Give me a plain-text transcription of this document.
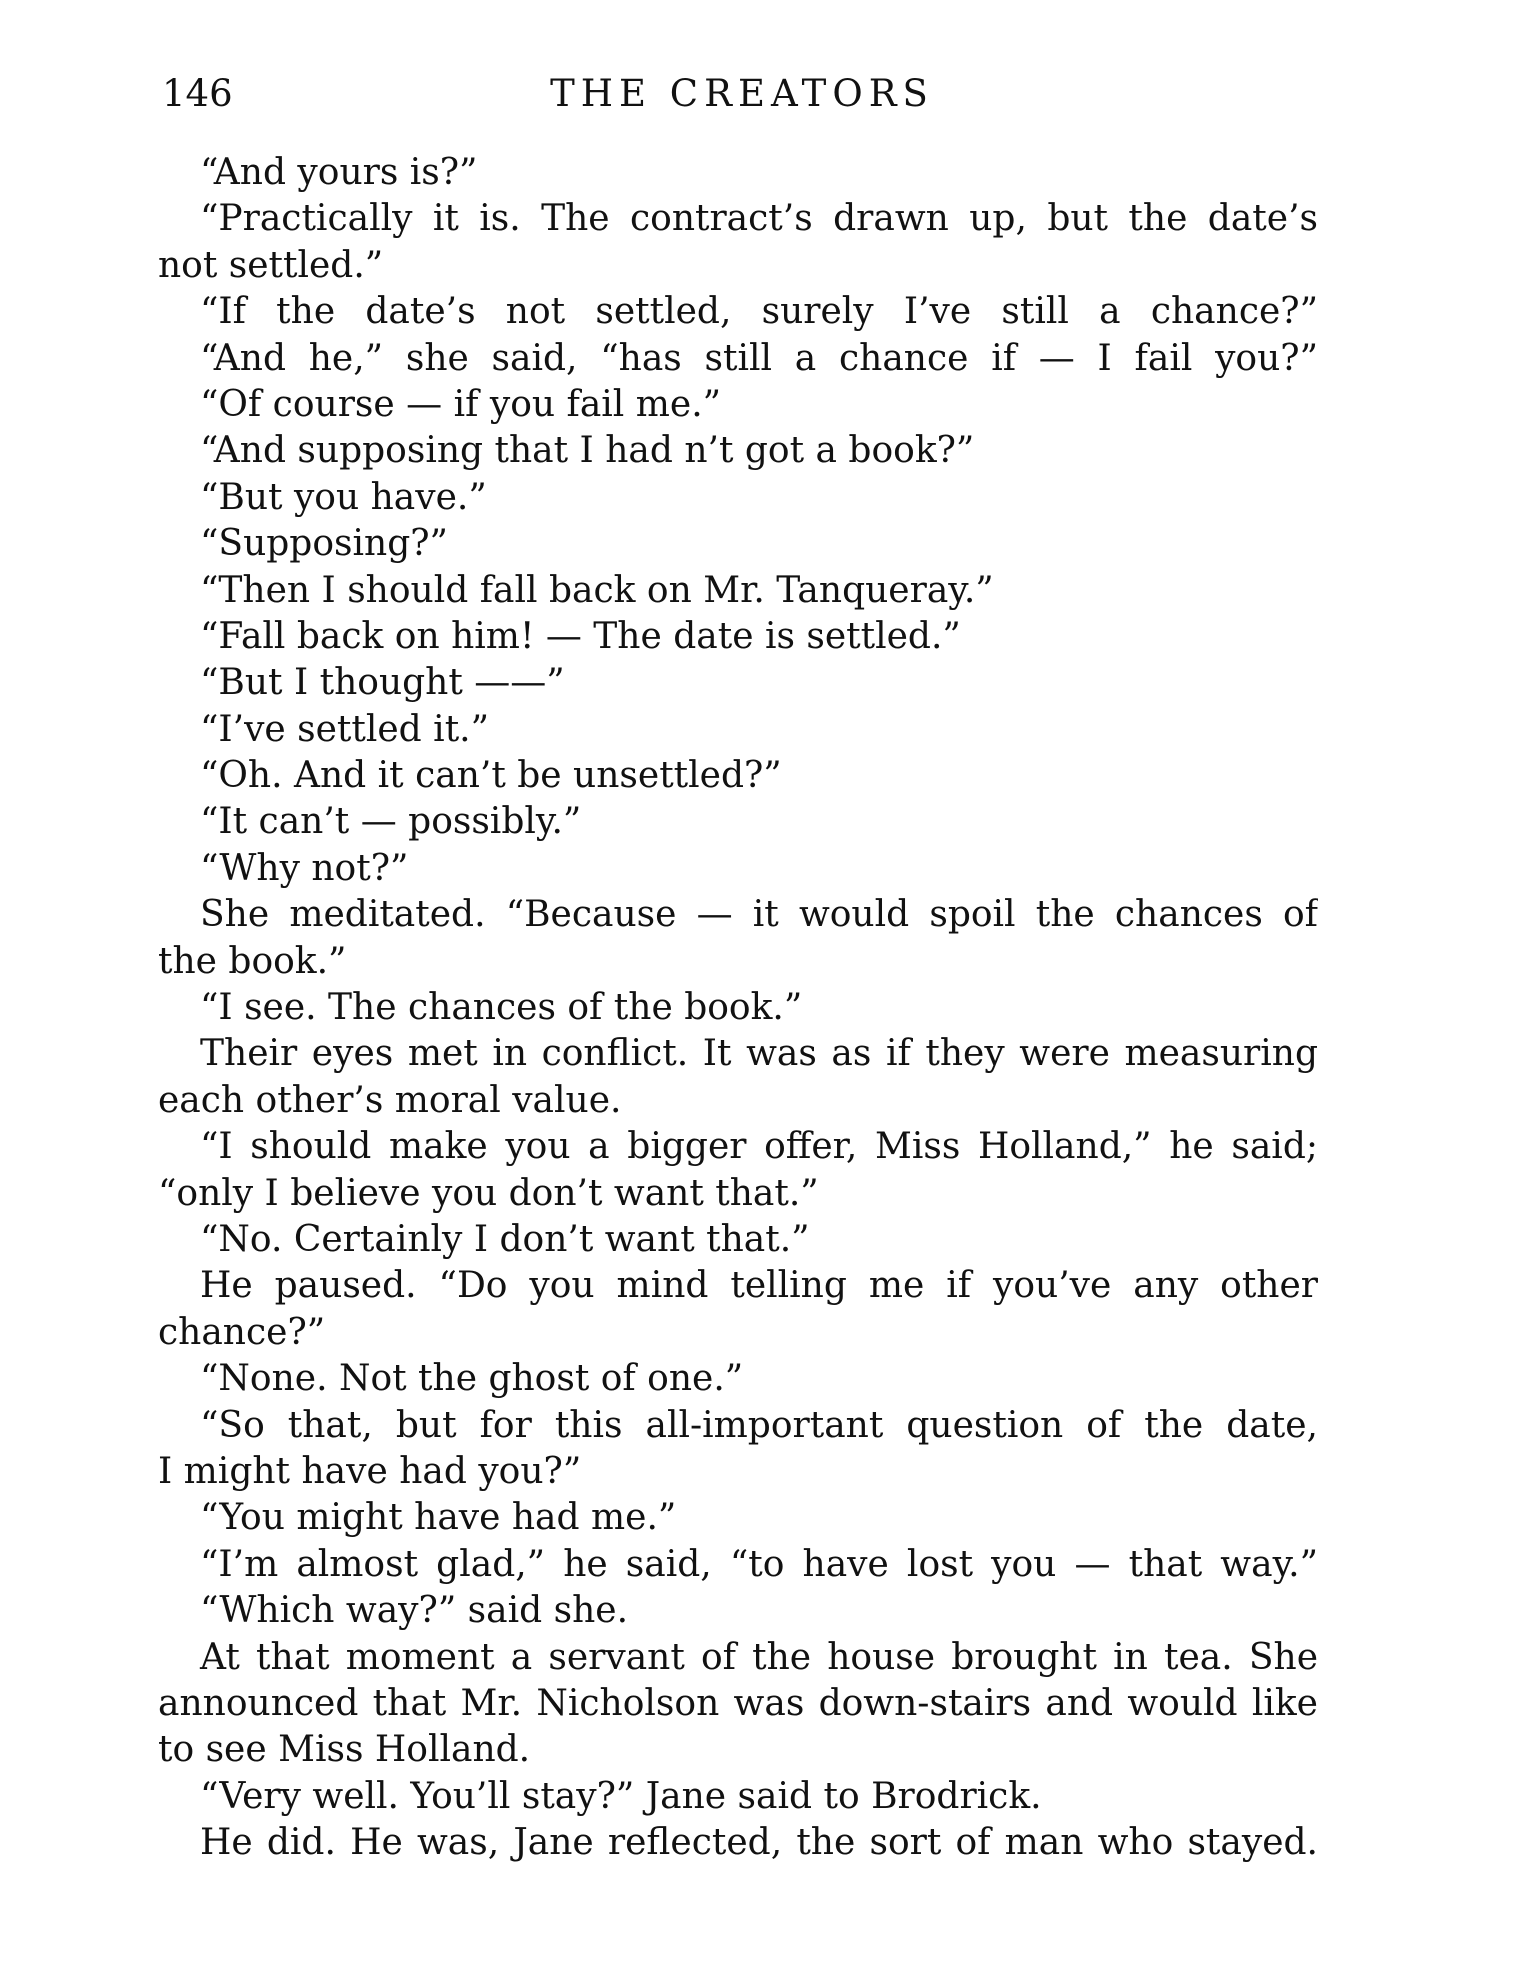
146	THE CREATORS
“And yours is?”
“Practically it is. The contract’s drawn up, but the date’s
not settled.”
“If the date’s not settled, surely I’ve still a chance?”
“And he,” she said, “has still a chance if — I fail you?”
“Of course — if you fail me.”
“And supposing that I had n’t got a book?”
“But you have.”
“Supposing?”
“Then I should fall back on Mr. Tanqueray.”
“Fall back on him! — The date is settled.”
“But I thought ——”
“I’ve settled it.”
“Oh. And it can’t be unsettled?”
“It can’t — possibly.”
“Why not?”
She meditated. “Because — it would spoil the chances of
the book.”
“I see. The chances of the book.”
Their eyes met in conflict. It was as if they were measuring
each other’s moral value.
“I should make you a bigger offer, Miss Holland,” he said;
“only I believe you don’t want that.”
“No. Certainly I don’t want that.”
He paused. “Do you mind telling me if you’ve any other
chance?”
“None. Not the ghost of one.”
“So that, but for this all-important question of the date,
I might have had you?”
“You might have had me.”
“I’m almost glad,” he said, “to have lost you — that way.”
“Which way?” said she.
At that moment a servant of the house brought in tea. She
announced that Mr. Nicholson was down-stairs and would like
to see Miss Holland.
“Very well. You’ll stay?” Jane said to Brodrick.
He did. He was, Jane reflected, the sort of man who stayed.
